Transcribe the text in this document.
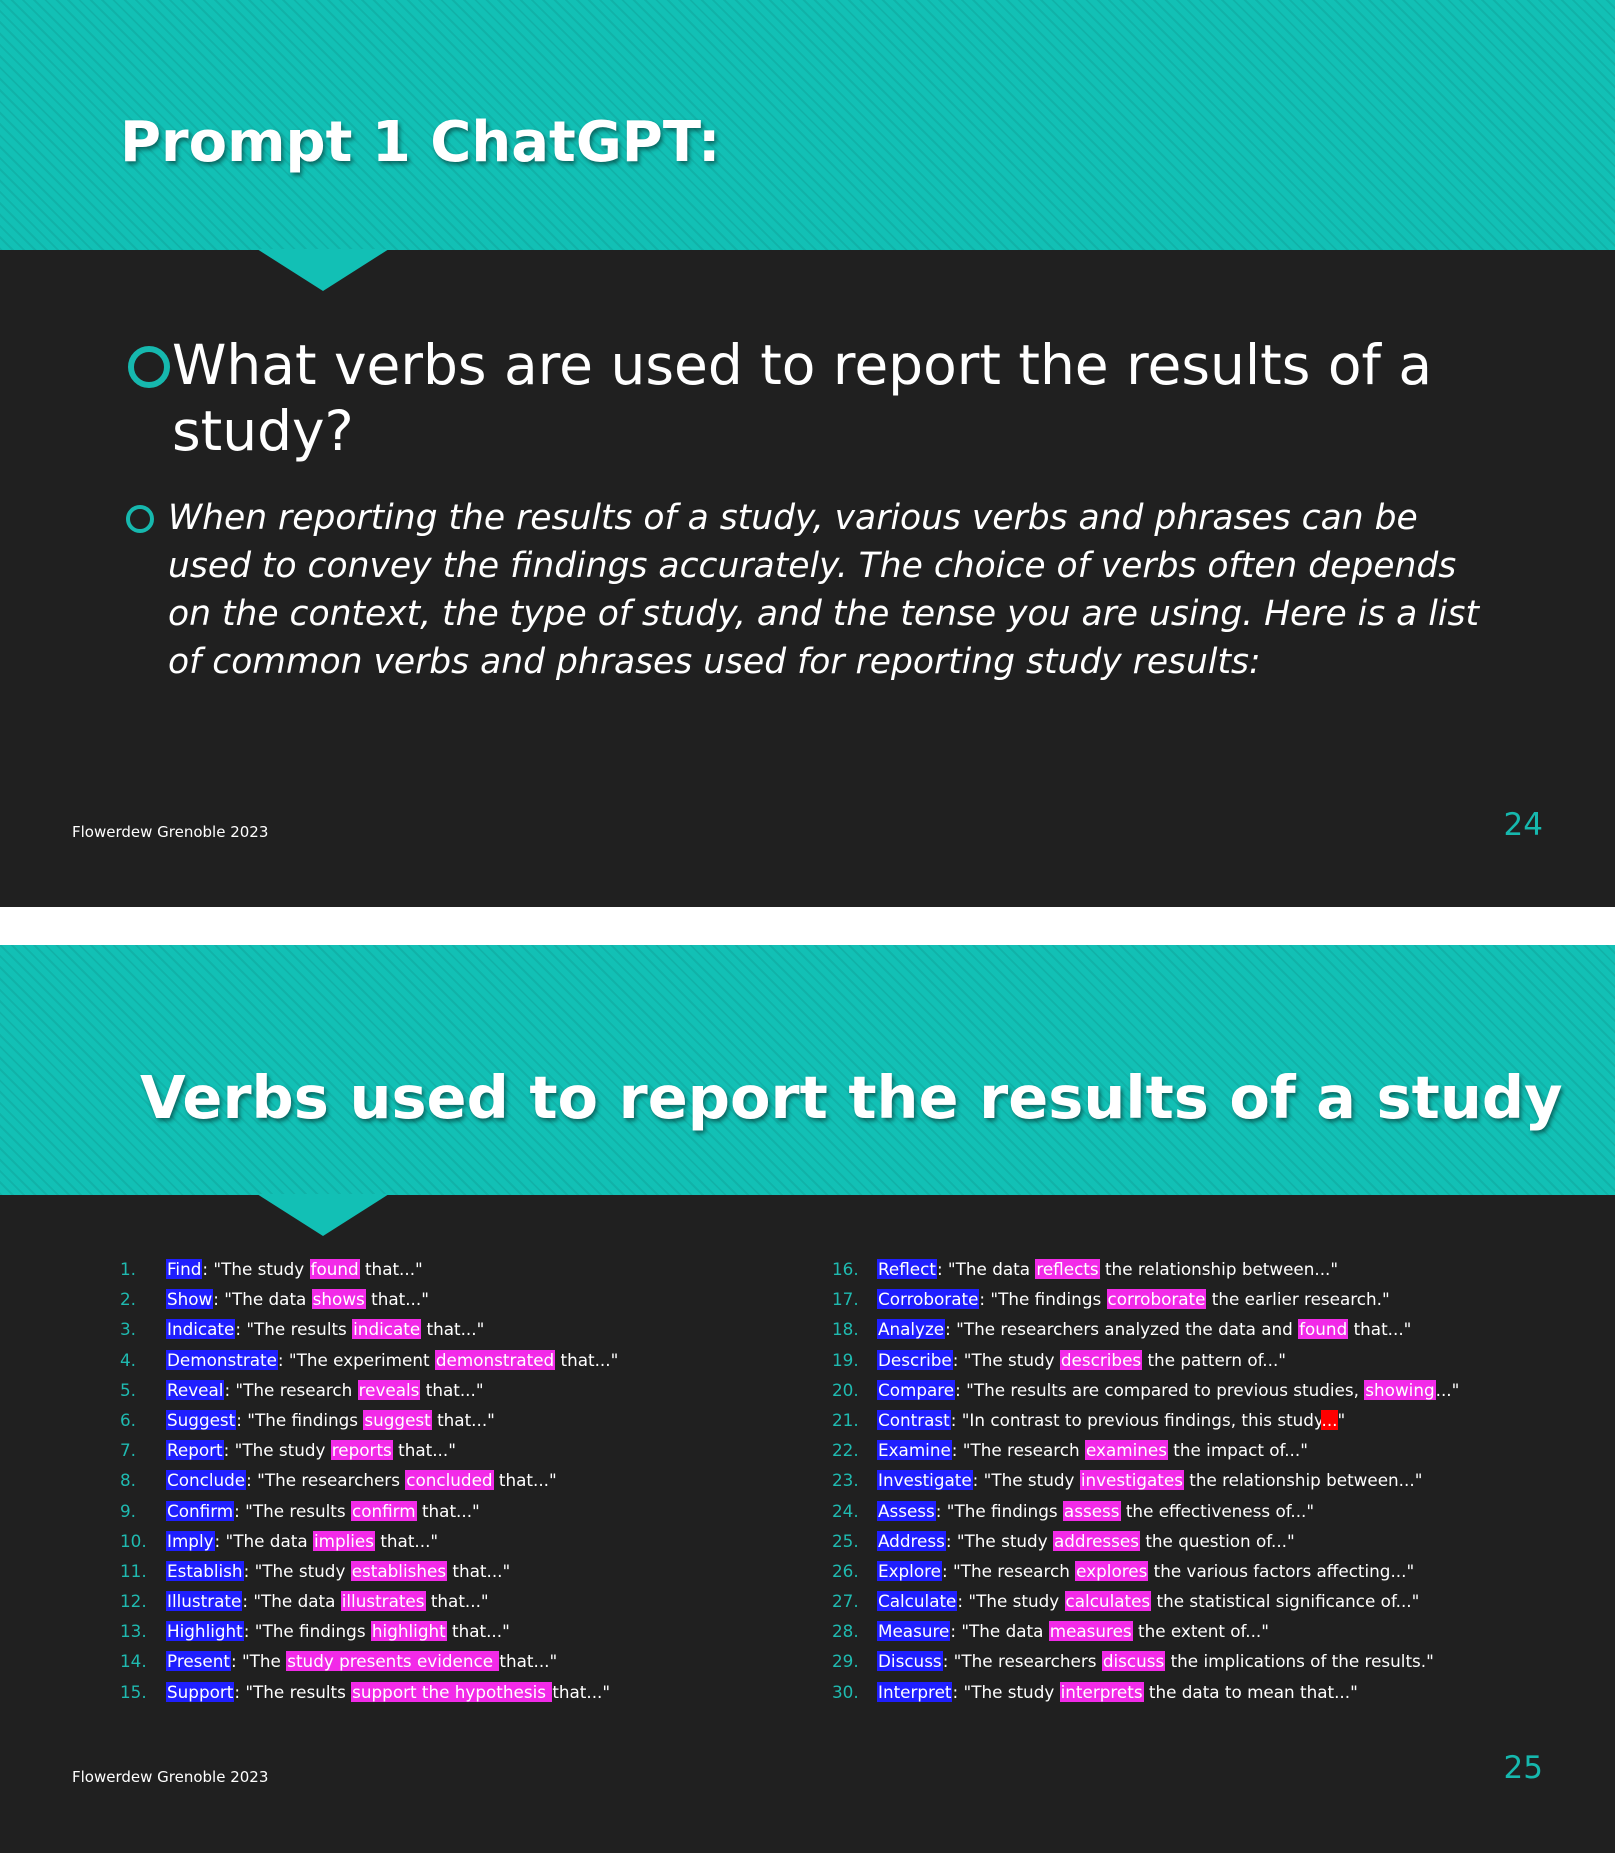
Prompt 1 ChatGPT:

What verbs are used to report the results of a study?

When reporting the results of a study, various verbs and phrases can be used to convey the findings accurately. The choice of verbs often depends on the context, the type of study, and the tense you are using. Here is a list of common verbs and phrases used for reporting study results:

Flowerdew Grenoble 2023	24
Verbs used to report the results of a study
Flowerdew Grenoble 2023	25
1. Find: "The study found that..."
2. Show: "The data shows that..."
3. Indicate: "The results indicate that..."
4. Demonstrate: "The experiment demonstrated that..."
5. Reveal: "The research reveals that..."
6. Suggest: "The findings suggest that..."
7. Report: "The study reports that..."
8. Conclude: "The researchers concluded that..."
9. Confirm: "The results confirm that..."
10. Imply: "The data implies that..."
11. Establish: "The study establishes that..."
12. Illustrate: "The data illustrates that..."
13. Highlight: "The findings highlight that..."
14. Present: "The study presents evidence that..."
15. Support: "The results support the hypothesis that..."
16. Reflect: "The data reflects the relationship between..."
17. Corroborate: "The findings corroborate the earlier research."
18. Analyze: "The researchers analyzed the data and found that..."
19. Describe: "The study describes the pattern of..."
20. Compare: "The results are compared to previous studies, showing..."
21. Contrast: "In contrast to previous findings, this study..."
22. Examine: "The research examines the impact of..."
23. Investigate: "The study investigates the relationship between..."
24. Assess: "The findings assess the effectiveness of..."
25. Address: "The study addresses the question of..."
26. Explore: "The research explores the various factors affecting..."
27. Calculate: "The study calculates the statistical significance of..."
28. Measure: "The data measures the extent of..."
29. Discuss: "The researchers discuss the implications of the results."
30. Interpret: "The study interprets the data to mean that..."
